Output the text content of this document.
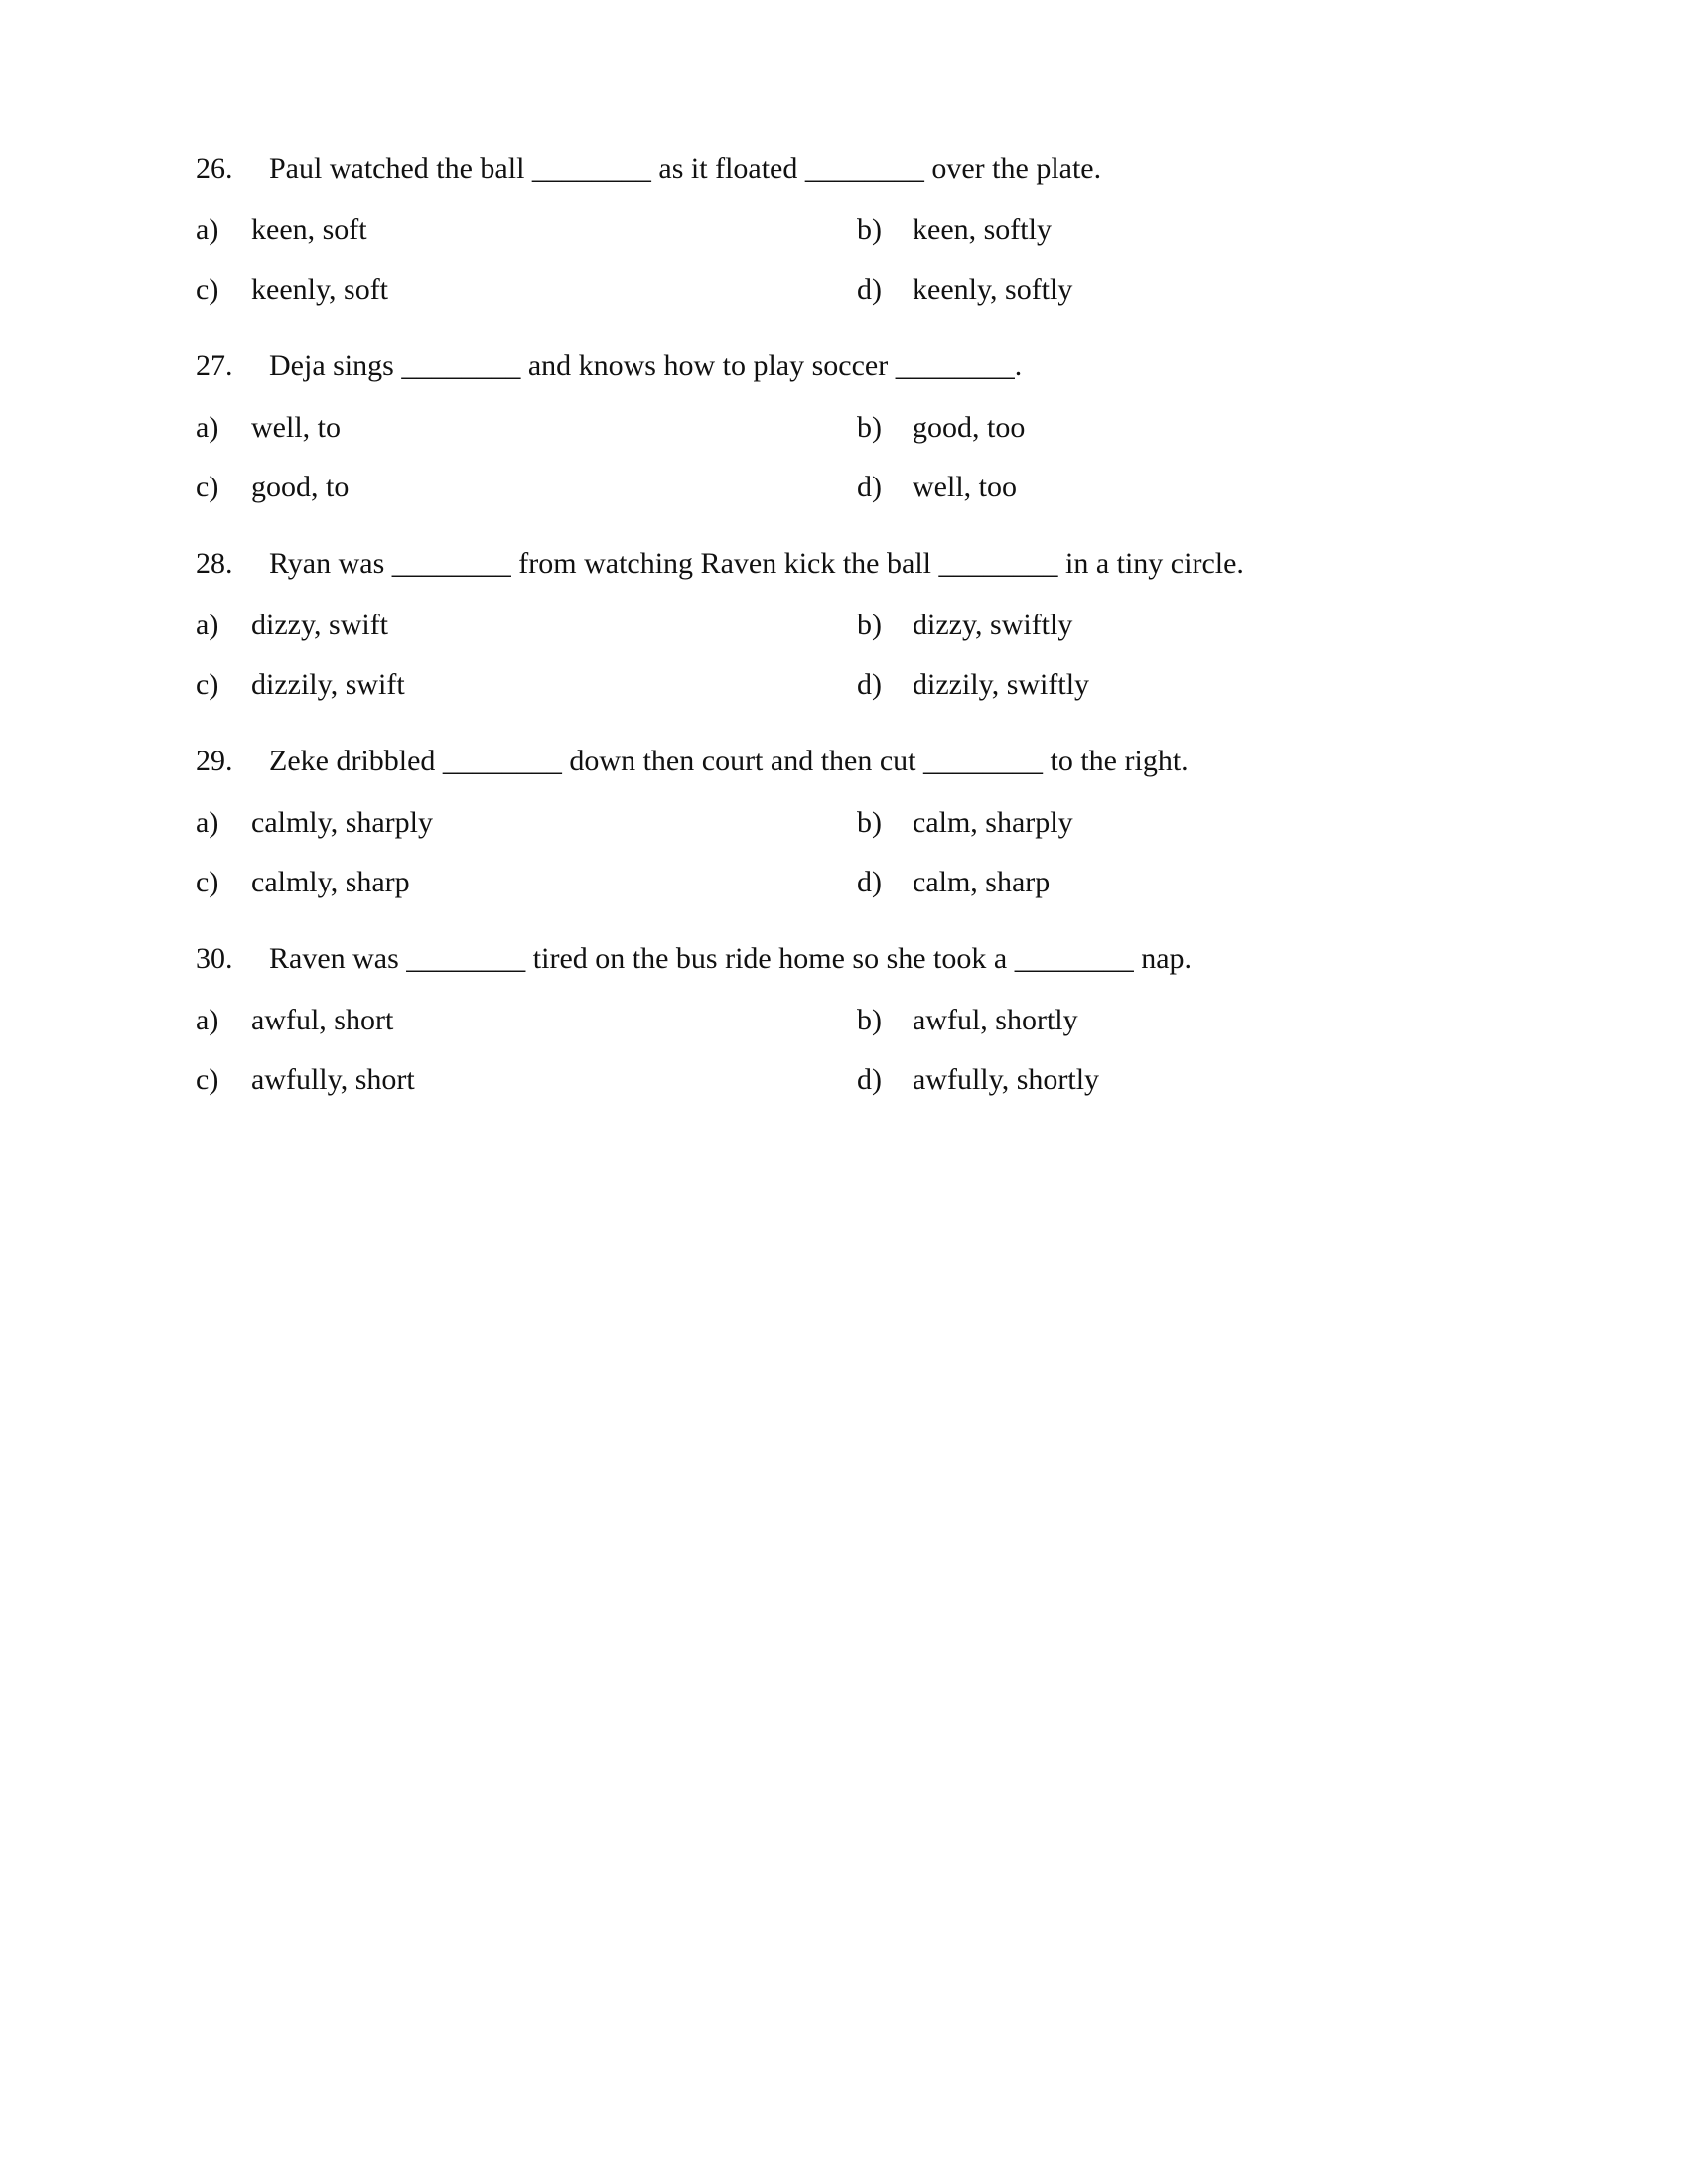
26. Paul watched the ball ________ as it floated ________ over the plate.
a) keen, soft	b) keen, softly
c) keenly, soft	d) keenly, softly
27. Deja sings ________ and knows how to play soccer ________.
a) well, to	b) good, too
c) good, to	d) well, too
28. Ryan was ________ from watching Raven kick the ball ________ in a tiny circle.
a) dizzy, swift	b) dizzy, swiftly
c) dizzily, swift	d) dizzily, swiftly
29. Zeke dribbled ________ down then court and then cut ________ to the right.
a) calmly, sharply	b) calm, sharply
c) calmly, sharp	d) calm, sharp
30. Raven was ________ tired on the bus ride home so she took a ________ nap.
a) awful, short	b) awful, shortly
c) awfully, short	d) awfully, shortly
